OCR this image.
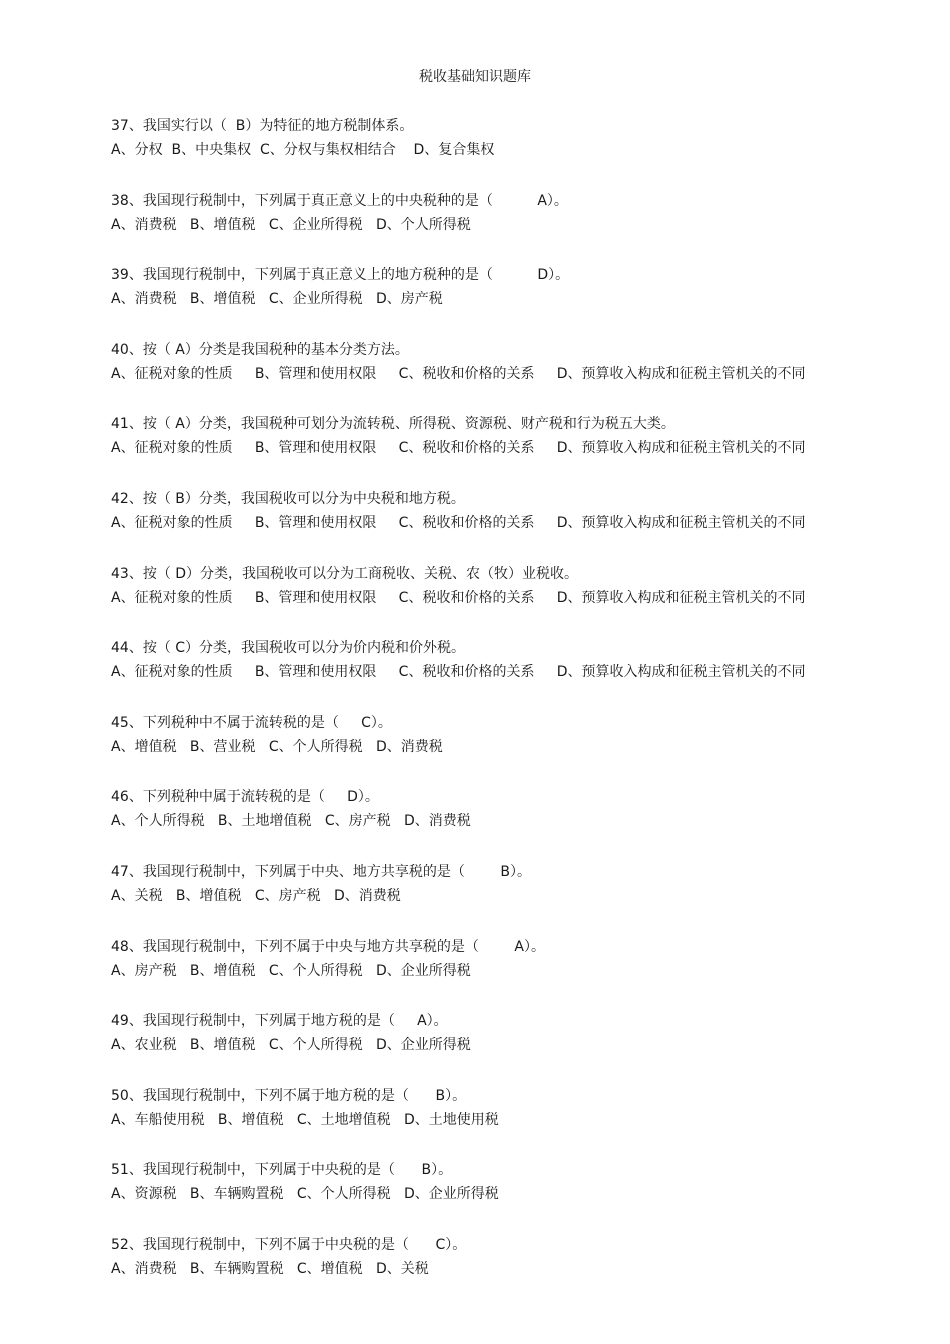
税收基础知识题库
37、我国实行以（  B）为特征的地方税制体系。
A、分权  B、中央集权  C、分权与集权相结合    D、复合集权
38、我国现行税制中，下列属于真正意义上的中央税种的是（          A）。
A、消费税   B、增值税   C、企业所得税   D、个人所得税
39、我国现行税制中，下列属于真正意义上的地方税种的是（          D）。
A、消费税   B、增值税   C、企业所得税   D、房产税
40、按（ A）分类是我国税种的基本分类方法。
A、征税对象的性质     B、管理和使用权限     C、税收和价格的关系     D、预算收入构成和征税主管机关的不同
41、按（ A）分类，我国税种可划分为流转税、所得税、资源税、财产税和行为税五大类。
A、征税对象的性质     B、管理和使用权限     C、税收和价格的关系     D、预算收入构成和征税主管机关的不同
42、按（ B）分类，我国税收可以分为中央税和地方税。
A、征税对象的性质     B、管理和使用权限     C、税收和价格的关系     D、预算收入构成和征税主管机关的不同
43、按（ D）分类，我国税收可以分为工商税收、关税、农（牧）业税收。
A、征税对象的性质     B、管理和使用权限     C、税收和价格的关系     D、预算收入构成和征税主管机关的不同
44、按（ C）分类，我国税收可以分为价内税和价外税。
A、征税对象的性质     B、管理和使用权限     C、税收和价格的关系     D、预算收入构成和征税主管机关的不同
45、下列税种中不属于流转税的是（     C）。
A、增值税   B、营业税   C、个人所得税   D、消费税
46、下列税种中属于流转税的是（     D）。
A、个人所得税   B、土地增值税   C、房产税   D、消费税
47、我国现行税制中，下列属于中央、地方共享税的是（        B）。
A、关税   B、增值税   C、房产税   D、消费税
48、我国现行税制中，下列不属于中央与地方共享税的是（        A）。
A、房产税   B、增值税   C、个人所得税   D、企业所得税
49、我国现行税制中，下列属于地方税的是（     A）。
A、农业税   B、增值税   C、个人所得税   D、企业所得税
50、我国现行税制中，下列不属于地方税的是（      B）。
A、车船使用税   B、增值税   C、土地增值税   D、土地使用税
51、我国现行税制中，下列属于中央税的是（      B）。
A、资源税   B、车辆购置税   C、个人所得税   D、企业所得税
52、我国现行税制中，下列不属于中央税的是（      C）。
A、消费税   B、车辆购置税   C、增值税   D、关税
